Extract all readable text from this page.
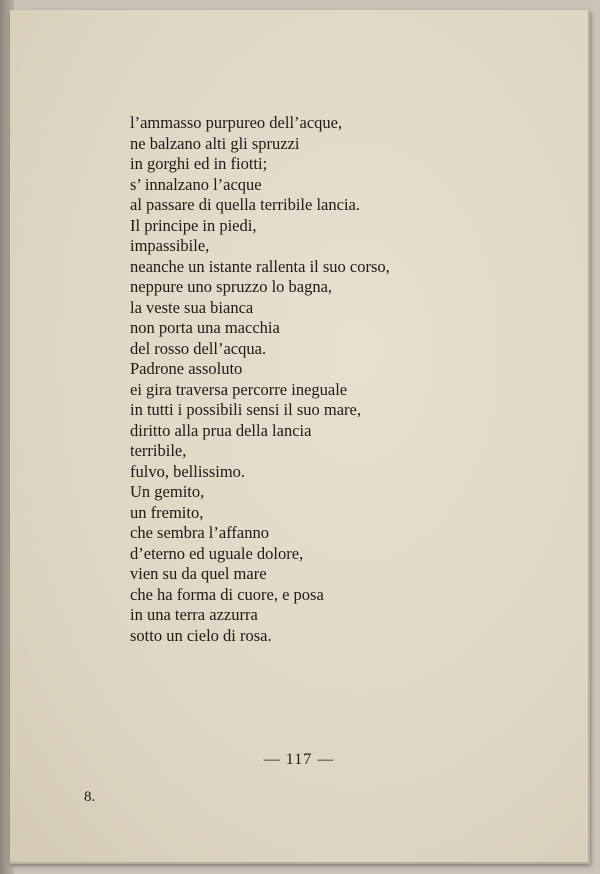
l’ammasso purpureo dell’acque,
ne balzano alti gli spruzzi
in gorghi ed in fiotti;
s’ innalzano l’acque
al passare di quella terribile lancia.
Il principe in piedi,
impassibile,
neanche un istante rallenta il suo corso,
neppure uno spruzzo lo bagna,
la veste sua bianca
non porta una macchia
del rosso dell’acqua.
Padrone assoluto
ei gira traversa percorre ineguale
in tutti i possibili sensi il suo mare,
diritto alla prua della lancia
terribile,
fulvo, bellissimo.
Un gemito,
un fremito,
che sembra l’affanno
d’eterno ed uguale dolore,
vien su da quel mare
che ha forma di cuore, e posa
in una terra azzurra
sotto un cielo di rosa.
— 117 —
8.
